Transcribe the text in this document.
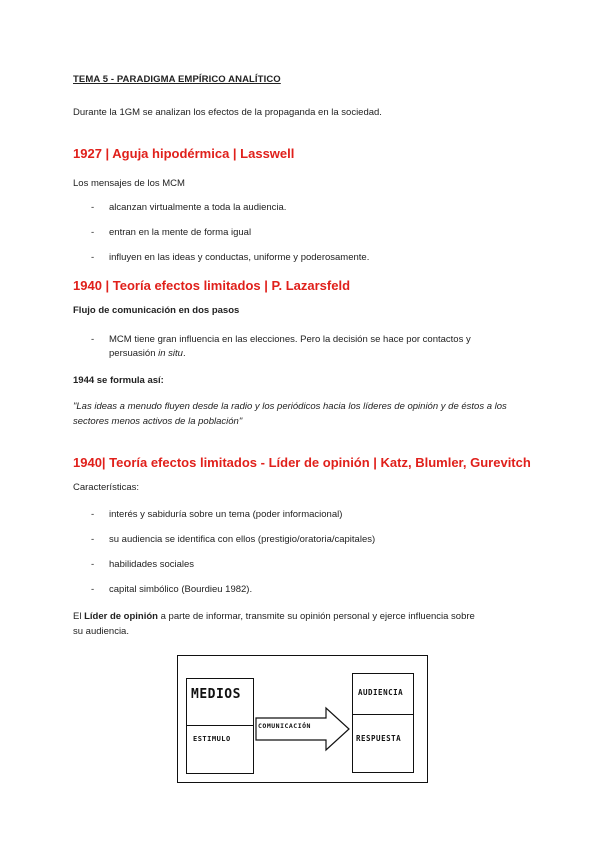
TEMA 5 - PARADIGMA EMPÍRICO ANALÍTICO

Durante la 1GM se analizan los efectos de la propaganda en la sociedad.

1927 | Aguja hipodérmica | Lasswell

Los mensajes de los MCM

- alcanzan virtualmente a toda la audiencia.
- entran en la mente de forma igual
- influyen en las ideas y conductas, uniforme y poderosamente.

1940 | Teoría efectos limitados | P. Lazarsfeld

Flujo de comunicación en dos pasos

- MCM tiene gran influencia en las elecciones. Pero la decisión se hace por contactos y
persuasión in situ.

1944 se formula así:

"Las ideas a menudo fluyen desde la radio y los periódicos hacia los líderes de opinión y de éstos a los

sectores menos activos de la población"

1940| Teoría efectos limitados - Líder de opinión | Katz, Blumler, Gurevitch

Características:

- interés y sabiduría sobre un tema (poder informacional)
- su audiencia se identifica con ellos (prestigio/oratoria/capitales)
- habilidades sociales
- capital simbólico (Bourdieu 1982).

El Líder de opinión a parte de informar, transmite su opinión personal y ejerce influencia sobre

su audiencia.

MEDIOS
ESTIMULO
COMUNICACIÓN
AUDIENCIA
RESPUESTA
